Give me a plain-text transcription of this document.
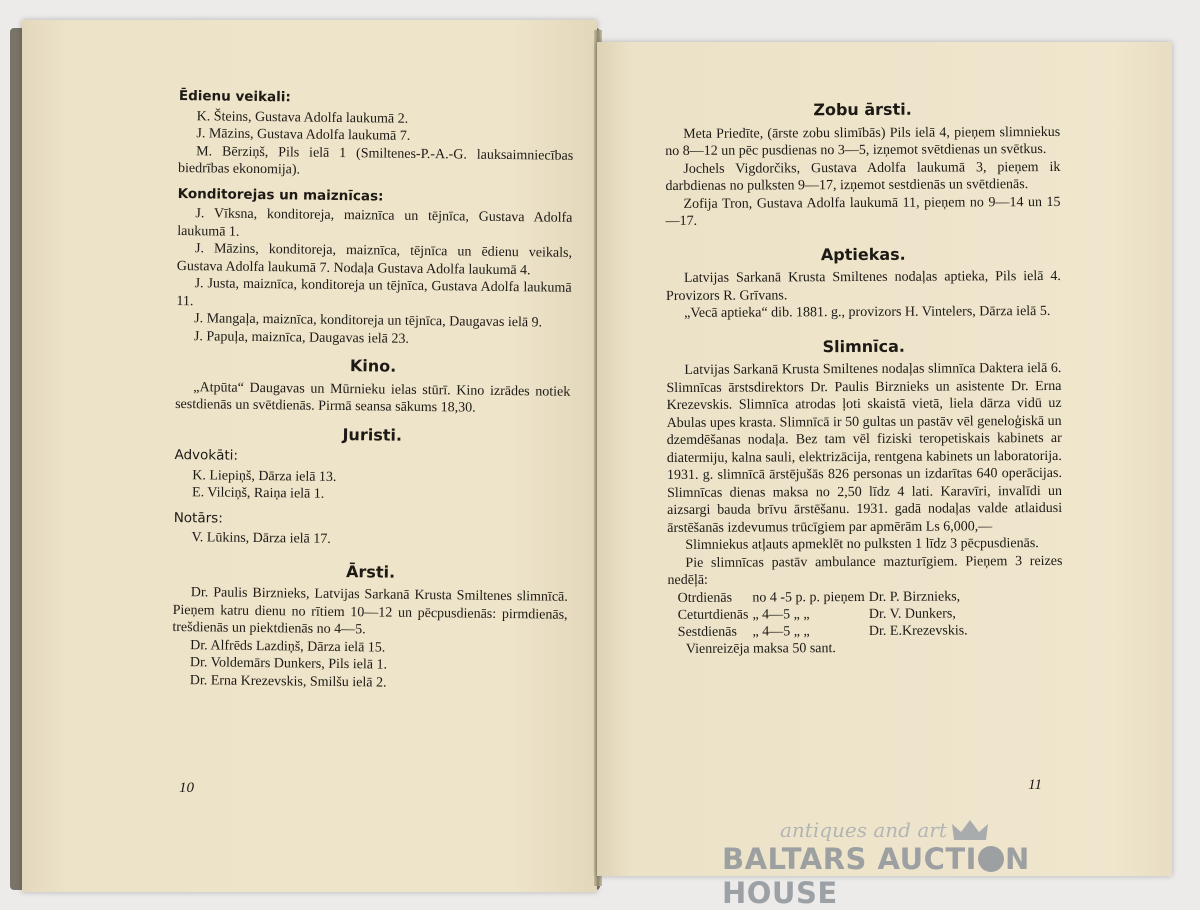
Ēdienu veikali:

K. Šteins, Gustava Adolfa laukumā 2.

J. Māzins, Gustava Adolfa laukumā 7.

M. Bērziņš, Pils ielā 1 (Smiltenes-P.-A.-G. lauksaimniecības biedrības ekonomija).

Konditorejas un maiznīcas:

J. Vīksna, konditoreja, maiznīca un tējnīca, Gustava Adolfa laukumā 1.

J. Māzins, konditoreja, maiznīca, tējnīca un ēdienu veikals, Gustava Adolfa laukumā 7. Nodaļa Gustava Adolfa laukumā 4.

J. Justa, maiznīca, konditoreja un tējnīca, Gustava Adolfa laukumā 11.

J. Mangaļa, maiznīca, konditoreja un tējnīca, Daugavas ielā 9.

J. Papuļa, maiznīca, Daugavas ielā 23.

Kino.

„Atpūta“ Daugavas un Mūrnieku ielas stūrī. Kino izrādes notiek sestdienās un svētdienās. Pirmā seansa sākums 18,30.

Juristi.
Advokāti:

K. Liepiņš, Dārza ielā 13.

E. Vilciņš, Raiņa ielā 1.

Notārs:

V. Lūkins, Dārza ielā 17.

Ārsti.

Dr. Paulis Birznieks, Latvijas Sarkanā Krusta Smiltenes slimnīcā. Pieņem katru dienu no rītiem 10—12 un pēcpusdienās: pirmdienās, trešdienās un piektdienās no 4—5.

Dr. Alfrēds Lazdiņš, Dārza ielā 15.

Dr. Voldemārs Dunkers, Pils ielā 1.

Dr. Erna Krezevskis, Smilšu ielā 2.

10
Zobu ārsti.

Meta Priedīte, (ārste zobu slimībās) Pils ielā 4, pieņem slimniekus no 8—12 un pēc pusdienas no 3—5, izņemot svētdienas un svētkus.

Jochels Vigdorčiks, Gustava Adolfa laukumā 3, pieņem ik darbdienas no pulksten 9—17, izņemot sestdienās un svētdienās.

Zofija Tron, Gustava Adolfa laukumā 11, pieņem no 9—14 un 15—17.

Aptiekas.

Latvijas Sarkanā Krusta Smiltenes nodaļas aptieka, Pils ielā 4. Provizors R. Grīvans.

„Vecā aptieka“ dib. 1881. g., provizors H. Vintelers, Dārza ielā 5.

Slimnīca.

Latvijas Sarkanā Krusta Smiltenes nodaļas slimnīca Daktera ielā 6. Slimnīcas ārstsdirektors Dr. Paulis Birznieks un asistente Dr. Erna Krezevskis. Slimnīca atrodas ļoti skaistā vietā, liela dārza vidū uz Abulas upes krasta. Slimnīcā ir 50 gultas un pastāv vēl geneloģiskā un dzemdēšanas nodaļa. Bez tam vēl fiziski teropetiskais kabinets ar diatermiju, kalna sauli, elektrizācija, rentgena kabinets un laboratorija. 1931. g. slimnīcā ārstējušās 826 personas un izdarītas 640 operācijas. Slimnīcas dienas maksa no 2,50 līdz 4 lati. Karavīri, invalīdi un aizsargi bauda brīvu ārstēšanu. 1931. gadā nodaļas valde atlaidusi ārstēšanās izdevumus trūcīgiem par apmērām Ls 6,000,—

Slimniekus atļauts apmeklēt no pulksten 1 līdz 3 pēcpusdienās.

Pie slimnīcas pastāv ambulance mazturīgiem. Pieņem 3 reizes nedēļā:

Otrdienās	no 4 -5 p. p. pieņem	Dr. P. Birznieks,
Ceturtdienās	„ 4—5 „ „	Dr. V. Dunkers,
Sestdienās	„ 4—5 „ „	Dr. E.Krezevskis.

Vienreizēja maksa 50 sant.

11
antiques and art
BALTARS AUCTI N HOUSE
